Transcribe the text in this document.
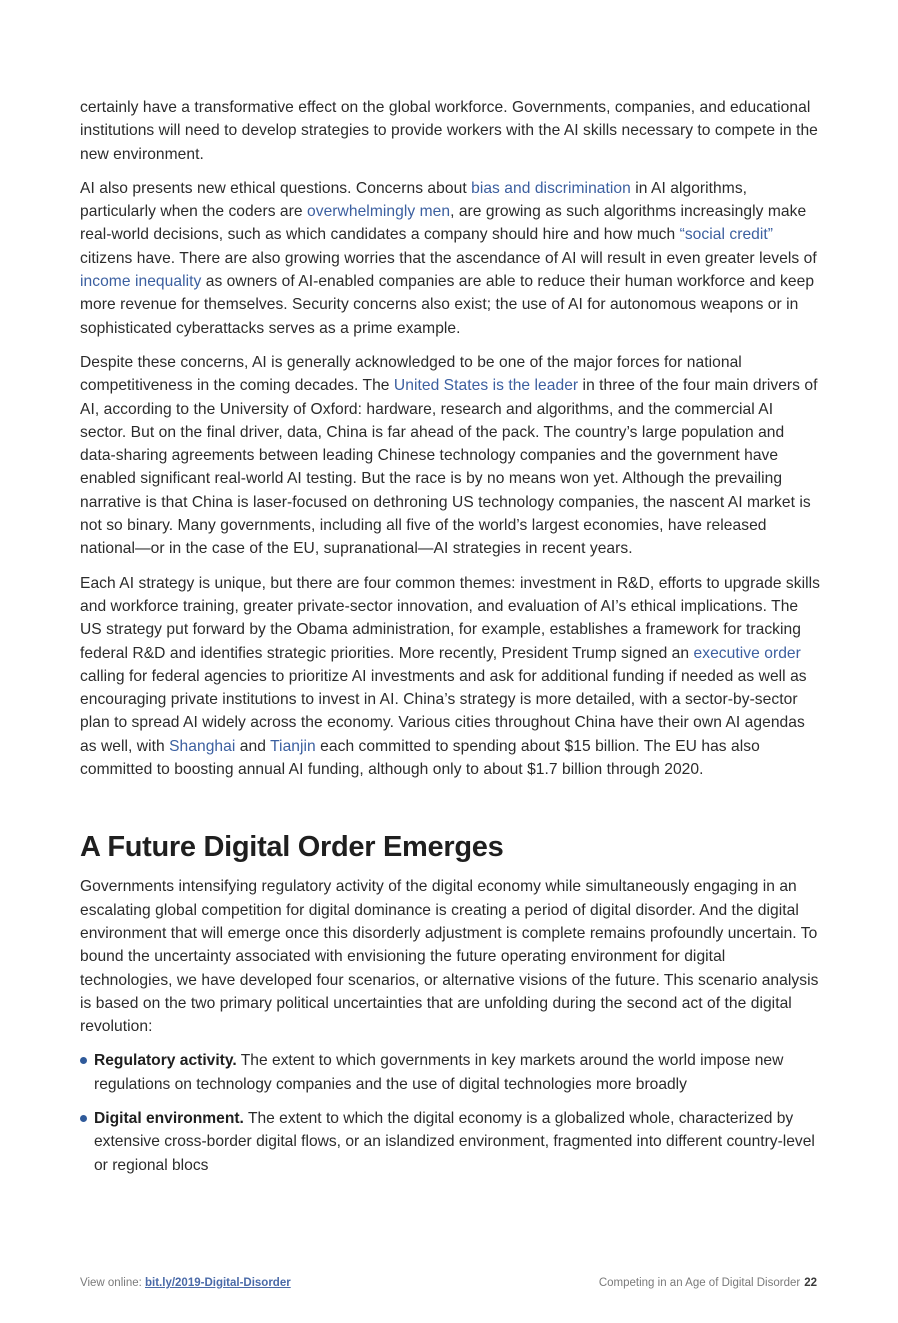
certainly have a transformative effect on the global workforce. Governments, companies, and educational institutions will need to develop strategies to provide workers with the AI skills necessary to compete in the new environment.

AI also presents new ethical questions. Concerns about bias and discrimination in AI algorithms, particularly when the coders are overwhelmingly men, are growing as such algorithms increasingly make real-world decisions, such as which candidates a company should hire and how much “social credit” citizens have. There are also growing worries that the ascendance of AI will result in even greater levels of income inequality as owners of AI-enabled companies are able to reduce their human workforce and keep more revenue for themselves. Security concerns also exist; the use of AI for autonomous weapons or in sophisticated cyberattacks serves as a prime example.

Despite these concerns, AI is generally acknowledged to be one of the major forces for national competitiveness in the coming decades. The United States is the leader in three of the four main drivers of AI, according to the University of Oxford: hardware, research and algorithms, and the commercial AI sector. But on the final driver, data, China is far ahead of the pack. The country’s large population and data-sharing agreements between leading Chinese technology companies and the government have enabled significant real-world AI testing. But the race is by no means won yet. Although the prevailing narrative is that China is laser-focused on dethroning US technology companies, the nascent AI market is not so binary. Many governments, including all five of the world’s largest economies, have released national—or in the case of the EU, supranational—AI strategies in recent years.

Each AI strategy is unique, but there are four common themes: investment in R&D, efforts to upgrade skills and workforce training, greater private-sector innovation, and evaluation of AI’s ethical implications. The US strategy put forward by the Obama administration, for example, establishes a framework for tracking federal R&D and identifies strategic priorities. More recently, President Trump signed an executive order calling for federal agencies to prioritize AI investments and ask for additional funding if needed as well as encouraging private institutions to invest in AI. China’s strategy is more detailed, with a sector-by-sector plan to spread AI widely across the economy. Various cities throughout China have their own AI agendas as well, with Shanghai and Tianjin each committed to spending about $15 billion. The EU has also committed to boosting annual AI funding, although only to about $1.7 billion through 2020.

A Future Digital Order Emerges

Governments intensifying regulatory activity of the digital economy while simultaneously engaging in an escalating global competition for digital dominance is creating a period of digital disorder. And the digital environment that will emerge once this disorderly adjustment is complete remains profoundly uncertain. To bound the uncertainty associated with envisioning the future operating environment for digital technologies, we have developed four scenarios, or alternative visions of the future. This scenario analysis is based on the two primary political uncertainties that are unfolding during the second act of the digital revolution:

Regulatory activity. The extent to which governments in key markets around the world impose new regulations on technology companies and the use of digital technologies more broadly
Digital environment. The extent to which the digital economy is a globalized whole, characterized by extensive cross-border digital flows, or an islandized environment, fragmented into different country-level or regional blocs
View online: bit.ly/2019-Digital-Disorder	Competing in an Age of Digital Disorder 22
